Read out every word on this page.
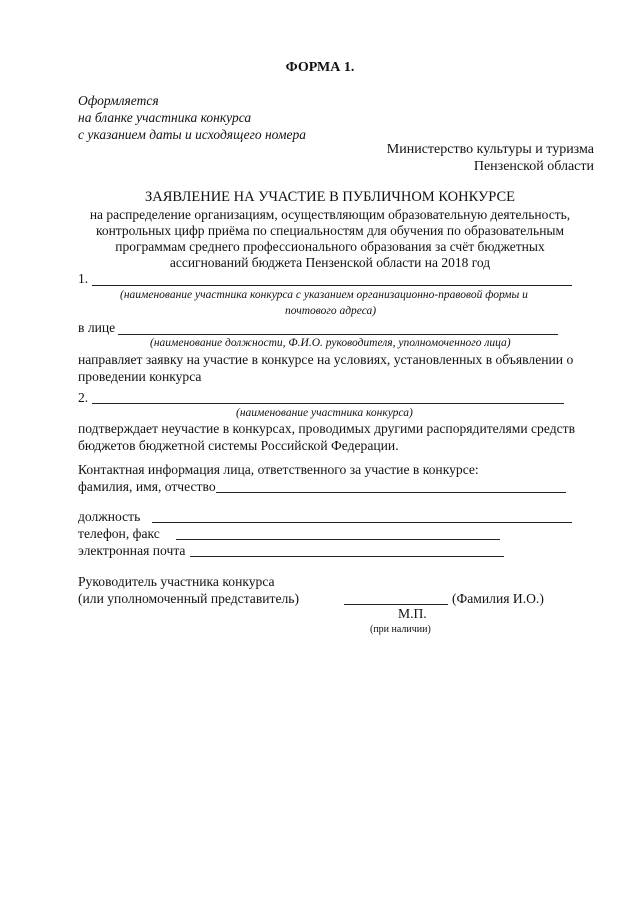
ФОРМА 1.
Оформляется
на бланке участника конкурса
с указанием даты и исходящего номера
Министерство культуры и туризма
Пензенской области
ЗАЯВЛЕНИЕ НА УЧАСТИЕ В ПУБЛИЧНОМ КОНКУРСЕ
на распределение организациям, осуществляющим образовательную деятельность,
контрольных цифр приёма по специальностям для обучения по образовательным
программам среднего профессионального образования за счёт бюджетных
ассигнований бюджета Пензенской области на 2018 год
1.
(наименование участника конкурса с указанием организационно-правовой формы и
почтового адреса)
в лице
(наименование должности, Ф.И.О. руководителя, уполномоченного лица)
направляет заявку на участие в конкурсе на условиях, установленных в объявлении о
проведении конкурса
2.
(наименование участника конкурса)
подтверждает неучастие в конкурсах, проводимых другими распорядителями средств
бюджетов бюджетной системы Российской Федерации.
Контактная информация лица, ответственного за участие в конкурсе:
фамилия, имя, отчество
должность
телефон, факс
электронная почта
Руководитель участника конкурса
(или уполномоченный представитель)	(Фамилия И.О.)
М.П.
(при наличии)
